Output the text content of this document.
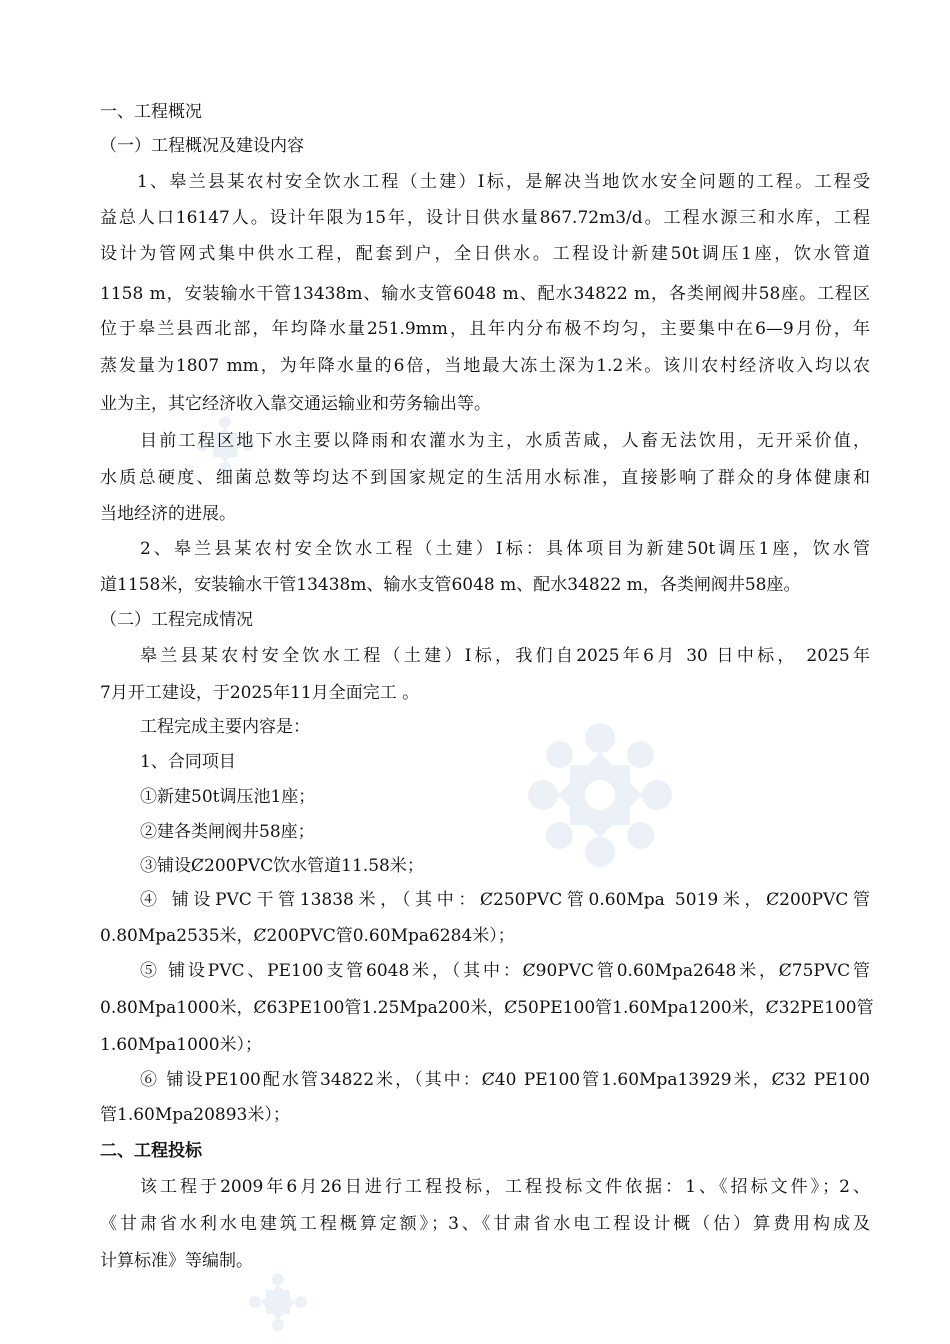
一、工程概况
（一）工程概况及建设内容
1、皋兰县某农村安全饮水工程（土建）Ⅰ标，是解决当地饮水安全问题的工程。工程受
益总人口16147人。设计年限为15年，设计日供水量867.72m3/d。工程水源三和水库，工程
设计为管网式集中供水工程，配套到户，全日供水。工程设计新建50t调压1座，饮水管道
1158 m，安装输水干管13438m、输水支管6048 m、配水34822 m，各类闸阀井58座。工程区
位于皋兰县西北部，年均降水量251.9mm，且年内分布极不均匀，主要集中在6—9月份，年
蒸发量为1807 mm，为年降水量的6倍，当地最大冻土深为1.2米。该川农村经济收入均以农
业为主，其它经济收入靠交通运输业和劳务输出等。
目前工程区地下水主要以降雨和农灌水为主，水质苦咸，人畜无法饮用，无开采价值，
水质总硬度、细菌总数等均达不到国家规定的生活用水标准，直接影响了群众的身体健康和
当地经济的进展。
2、皋兰县某农村安全饮水工程（土建）Ⅰ标：具体项目为新建50t调压1座，饮水管
道1158米，安装输水干管13438m、输水支管6048 m、配水34822 m，各类闸阀井58座。
（二）工程完成情况
皋兰县某农村安全饮水工程（土建）Ⅰ标，我们自2025年6月 30 日中标， 2025年
7月开工建设，于2025年11月全面完工 。
工程完成主要内容是：
1、合同项目
①新建50t调压池1座；
②建各类闸阀井58座；
③铺设Ȼ200PVC饮水管道11.58米；
④ 铺设PVC干管13838米，（其中：Ȼ250PVC管0.60Mpa 5019米，Ȼ200PVC管
0.80Mpa2535米，Ȼ200PVC管0.60Mpa6284米）；
⑤ 铺设PVC、PE100支管6048米，（其中：Ȼ90PVC管0.60Mpa2648米，Ȼ75PVC管
0.80Mpa1000米，Ȼ63PE100管1.25Mpa200米，Ȼ50PE100管1.60Mpa1200米，Ȼ32PE100管
1.60Mpa1000米）；
⑥ 铺设PE100配水管34822米，（其中：Ȼ40 PE100管1.60Mpa13929米，Ȼ32 PE100
管1.60Mpa20893米）；
二、工程投标
该工程于2009年6月26日进行工程投标，工程投标文件依据：1、《招标文件》；2、
《甘肃省水利水电建筑工程概算定额》；3、《甘肃省水电工程设计概（估）算费用构成及
计算标准》等编制。
